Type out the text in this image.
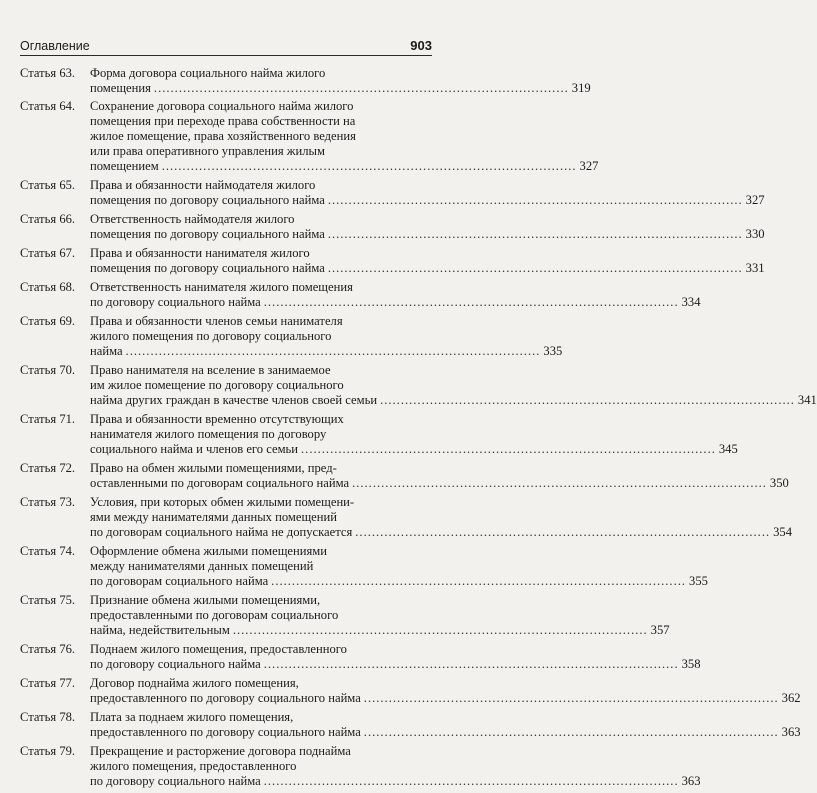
Оглавление	903
Статья 63.	Форма договора социального найма жилого
помещения .....	319
Статья 64.	Сохранение договора социального найма жилого
помещения при переходе права собственности на
жилое помещение, права хозяйственного ведения
или права оперативного управления жилым
помещением .....	327
Статья 65.	Права и обязанности наймодателя жилого
помещения по договору социального найма .....	327
Статья 66.	Ответственность наймодателя жилого
помещения по договору социального найма .....	330
Статья 67.	Права и обязанности нанимателя жилого
помещения по договору социального найма .....	331
Статья 68.	Ответственность нанимателя жилого помещения
по договору социального найма .....	334
Статья 69.	Права и обязанности членов семьи нанимателя
жилого помещения по договору социального
найма .....	335
Статья 70.	Право нанимателя на вселение в занимаемое
им жилое помещение по договору социального
найма других граждан в качестве членов своей семьи .....	341
Статья 71.	Права и обязанности временно отсутствующих
нанимателя жилого помещения по договору
социального найма и членов его семьи .....	345
Статья 72.	Право на обмен жилыми помещениями, пред-
оставленными по договорам социального найма .....	350
Статья 73.	Условия, при которых обмен жилыми помещени-
ями между нанимателями данных помещений
по договорам социального найма не допускается .....	354
Статья 74.	Оформление обмена жилыми помещениями
между нанимателями данных помещений
по договорам социального найма .....	355
Статья 75.	Признание обмена жилыми помещениями,
предоставленными по договорам социального
найма, недействительным .....	357
Статья 76.	Поднаем жилого помещения, предоставленного
по договору социального найма .....	358
Статья 77.	Договор поднайма жилого помещения,
предоставленного по договору социального найма .....	362
Статья 78.	Плата за поднаем жилого помещения,
предоставленного по договору социального найма .....	363
Статья 79.	Прекращение и расторжение договора поднайма
жилого помещения, предоставленного
по договору социального найма .....	363
